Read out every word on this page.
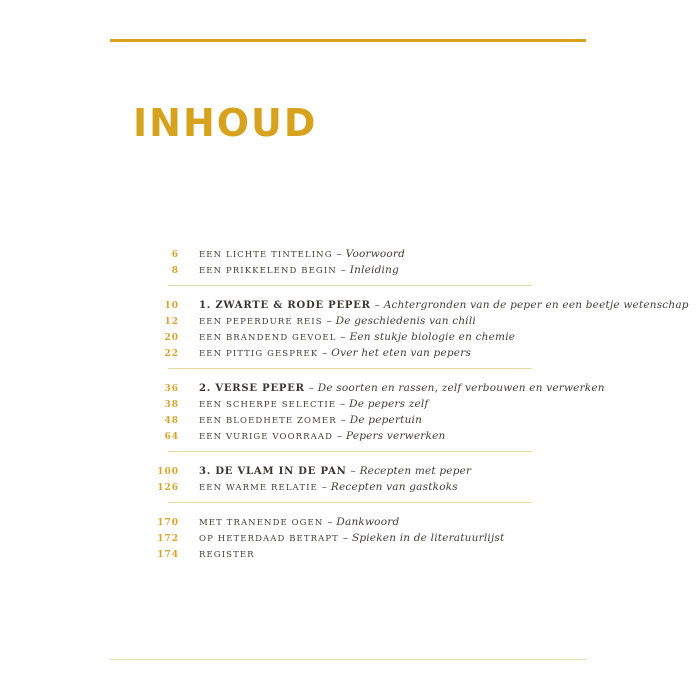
INHOUD
6 EEN LICHTE TINTELING – Voorwoord
8 EEN PRIKKELEND BEGIN – Inleiding
10 1. ZWARTE & RODE PEPER – Achtergronden van de peper en een beetje wetenschap
12 EEN PEPERDURE REIS – De geschiedenis van chili
20 EEN BRANDEND GEVOEL – Een stukje biologie en chemie
22 EEN PITTIG GESPREK – Over het eten van pepers
36 2. VERSE PEPER – De soorten en rassen, zelf verbouwen en verwerken
38 EEN SCHERPE SELECTIE – De pepers zelf
48 EEN BLOEDHETE ZOMER – De pepertuin
64 EEN VURIGE VOORRAAD – Pepers verwerken
100 3. DE VLAM IN DE PAN – Recepten met peper
126 EEN WARME RELATIE – Recepten van gastkoks
170 MET TRANENDE OGEN – Dankwoord
172 OP HETERDAAD BETRAPT – Spieken in de literatuurlijst
174 REGISTER
